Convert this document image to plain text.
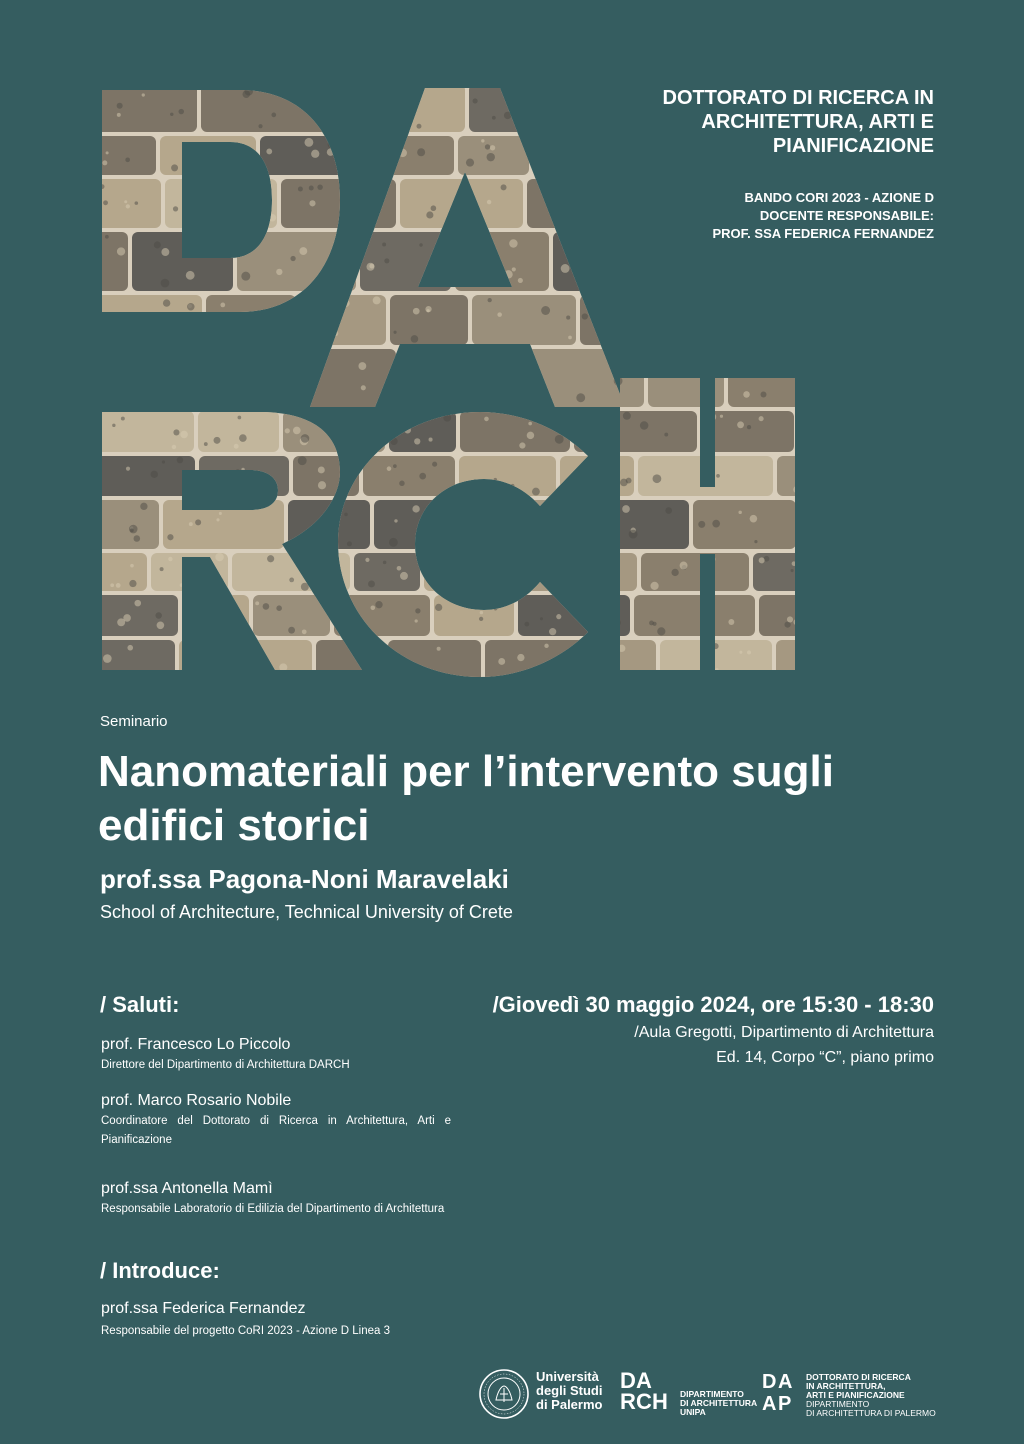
DOTTORATO DI RICERCA IN
ARCHITETTURA, ARTI E
PIANIFICAZIONE
BANDO CORI 2023 - AZIONE D
DOCENTE RESPONSABILE:
PROF. SSA FEDERICA FERNANDEZ
Seminario
Nanomateriali per l’intervento sugli edifici storici
prof.ssa Pagona-Noni Maravelaki
School of Architecture, Technical University of Crete
/ Saluti:
prof. Francesco Lo Piccolo
Direttore del Dipartimento di Architettura DARCH
prof. Marco Rosario Nobile
Coordinatore del Dottorato di Ricerca in Architettura, Arti e Pianificazione
prof.ssa Antonella Mamì
Responsabile Laboratorio di Edilizia del Dipartimento di Architettura
/ Introduce:
prof.ssa Federica Fernandez
Responsabile del progetto CoRI 2023 - Azione D Linea 3
/Giovedì 30 maggio 2024, ore 15:30 - 18:30
/Aula Gregotti, Dipartimento di Architettura
Ed. 14, Corpo “C”, piano primo
Università
degli Studi
di Palermo
D A
R C H DIPARTIMENTO
DI ARCHITETTURA
UNIPA
D A
A P
DOTTORATO DI RICERCA
IN ARCHITETTURA,
ARTI E PIANIFICAZIONE
DIPARTIMENTO
DI ARCHITETTURA DI PALERMO
